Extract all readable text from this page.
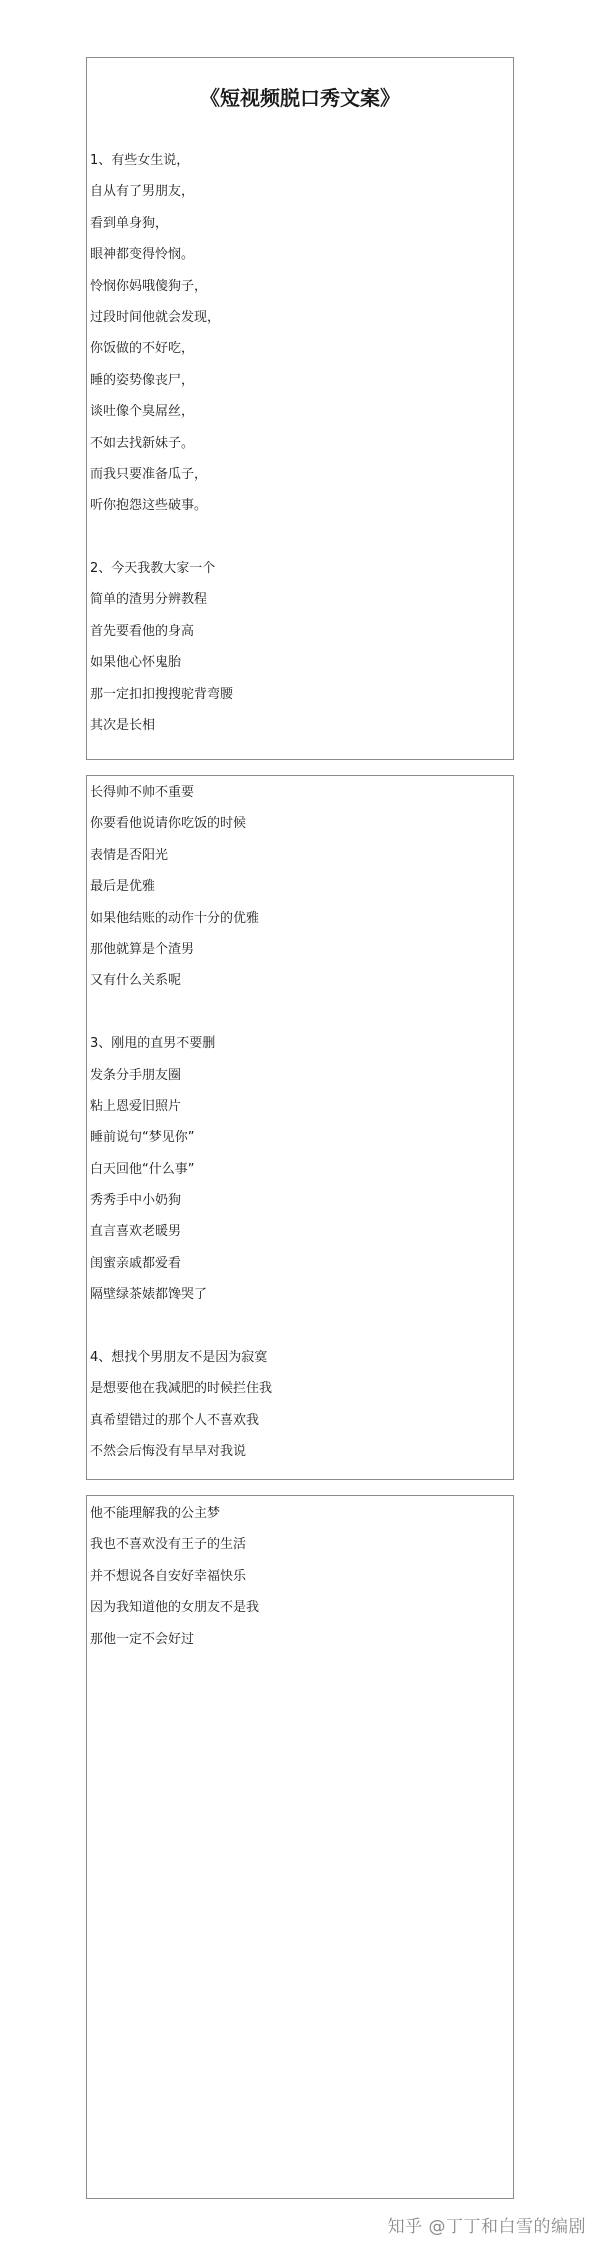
《短视频脱口秀文案》
1、有些女生说，
自从有了男朋友，
看到单身狗，
眼神都变得怜悯。
怜悯你妈哦傻狗子，
过段时间他就会发现，
你饭做的不好吃，
睡的姿势像丧尸，
谈吐像个臭屌丝，
不如去找新妹子。
而我只要准备瓜子，
听你抱怨这些破事。
2、今天我教大家一个
简单的渣男分辨教程
首先要看他的身高
如果他心怀鬼胎
那一定扣扣搜搜驼背弯腰
其次是长相
长得帅不帅不重要
你要看他说请你吃饭的时候
表情是否阳光
最后是优雅
如果他结账的动作十分的优雅
那他就算是个渣男
又有什么关系呢
3、刚甩的直男不要删
发条分手朋友圈
粘上恩爱旧照片
睡前说句“梦见你”
白天回他“什么事”
秀秀手中小奶狗
直言喜欢老暖男
闺蜜亲戚都爱看
隔壁绿茶婊都馋哭了
4、想找个男朋友不是因为寂寞
是想要他在我减肥的时候拦住我
真希望错过的那个人不喜欢我
不然会后悔没有早早对我说
他不能理解我的公主梦
我也不喜欢没有王子的生活
并不想说各自安好幸福快乐
因为我知道他的女朋友不是我
那他一定不会好过
知乎 @丁丁和白雪的编剧
